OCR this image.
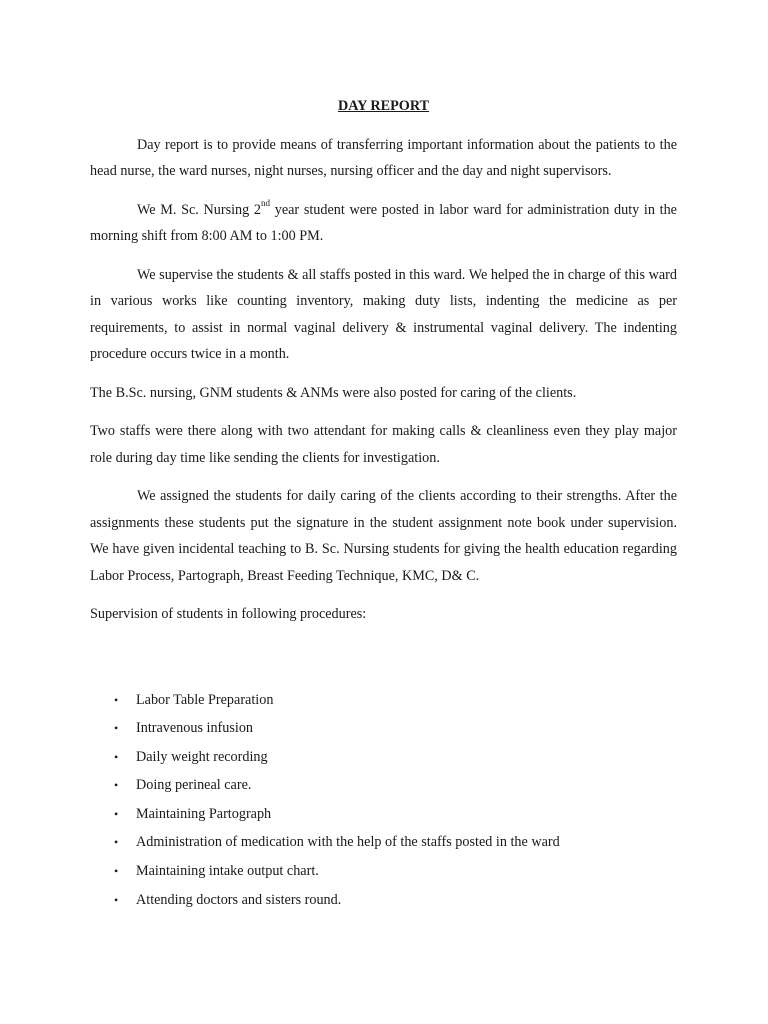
DAY REPORT

Day report is to provide means of transferring important information about the patients to the head nurse, the ward nurses, night nurses, nursing officer and the day and night supervisors.

We M. Sc. Nursing 2nd year student were posted in labor ward for administration duty in the morning shift from 8:00 AM to 1:00 PM.

We supervise the students & all staffs posted in this ward. We helped the in charge of this ward in various works like counting inventory, making duty lists, indenting the medicine as per requirements, to assist in normal vaginal delivery & instrumental vaginal delivery. The indenting procedure occurs twice in a month.

The B.Sc. nursing, GNM students & ANMs were also posted for caring of the clients.

Two staffs were there along with two attendant for making calls & cleanliness even they play major role during day time like sending the clients for investigation.

We assigned the students for daily caring of the clients according to their strengths. After the assignments these students put the signature in the student assignment note book under supervision. We have given incidental teaching to B. Sc. Nursing students for giving the health education regarding Labor Process, Partograph, Breast Feeding Technique, KMC, D& C.

Supervision of students in following procedures:

• Labor Table Preparation
• Intravenous infusion
• Daily weight recording
• Doing perineal care.
• Maintaining Partograph
• Administration of medication with the help of the staffs posted in the ward
• Maintaining intake output chart.
• Attending doctors and sisters round.
